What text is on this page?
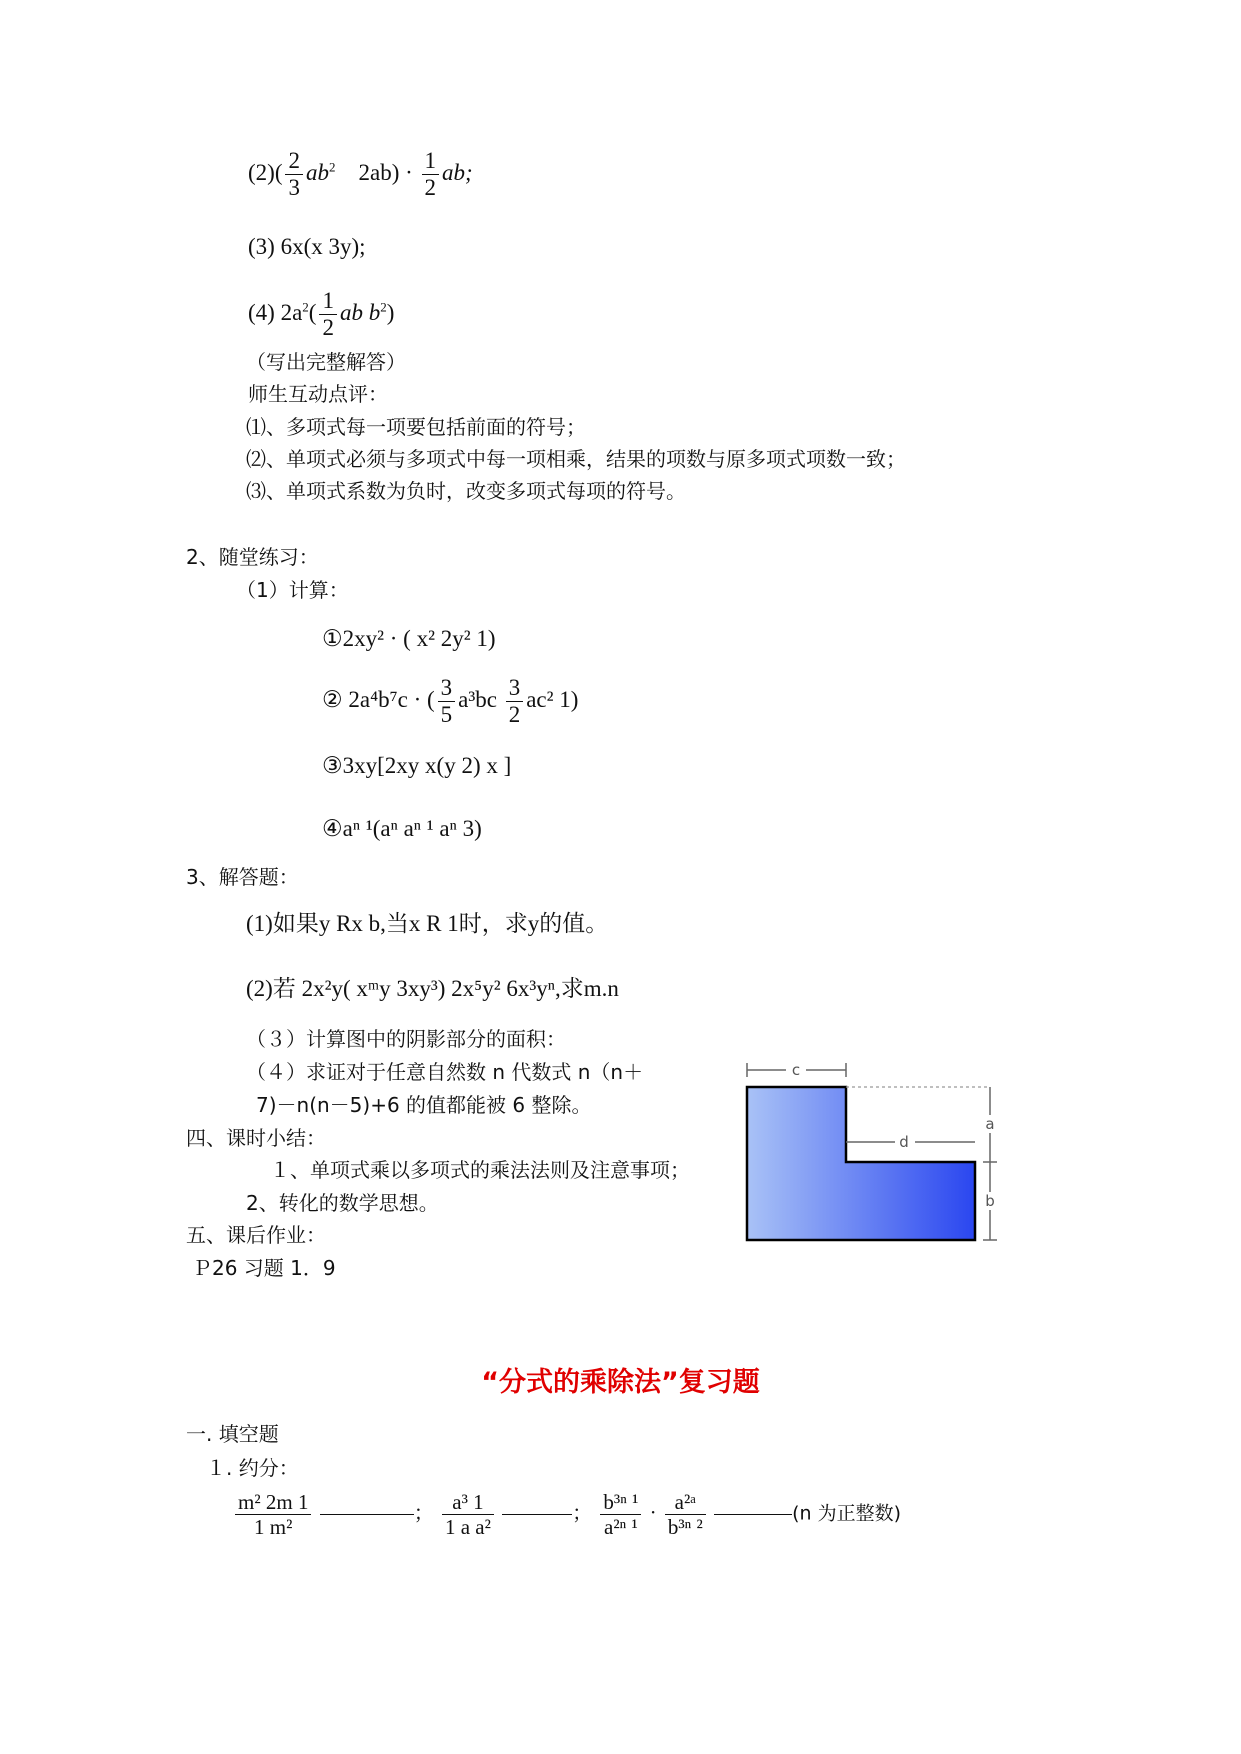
$(2)( \frac{2}{3} ab^2$ $2ab) \cdot \frac{1}{2}$ ab;
(3) 6x(x 3y);
(4) $2a^2( \frac{1}{2}$ ab $b^2$)
（写出完整解答）
师生互动点评：
⑴、多项式每一项要包括前面的符号；
⑵、单项式必须与多项式中每一项相乘，结果的项数与原多项式项数一致；
⑶、单项式系数为负时，改变多项式每项的符号。
2、随堂练习：
（1）计算：
①2xy² · ( x² 2y² 1)
② 2a⁴b⁷c · ( $\frac{3}{5} a^3bc \frac{3}{2} ac^2$ 1)
③3xy[2xy x(y 2) x ]
④aⁿ ¹(aⁿ aⁿ ¹ aⁿ 3)
3、解答题：
(1)如果y Rx b,当x R 1时，求y的值。
(2)若 2x²y( xᵐy 3xy³) 2x⁵y² 6x³yⁿ,求m.n
（３）计算图中的阴影部分的面积：
（４）求证对于任意自然数 n 代数式 n（n＋
7)－n(n－5)+6 的值都能被 6 整除。
四、课时小结：
１、单项式乘以多项式的乘法法则及注意事项；
2、转化的数学思想。
五、课后作业：
Ｐ26 习题 1．9
c
d
a
b
“分式的乘除法”复习题
一. 填空题
１. 约分：
$\frac{\text{m² 2m 1}}{\text{1 m²}}$	； $\frac{\text{a³ 1}}{\text{1 a a²}}$	； $\frac{\text{b³ⁿ ¹}}{\text{a²ⁿ ¹}} \cdot \frac{\text{a²ᵃ}}{\text{b³ⁿ ²}}$	(n 为正整数)
